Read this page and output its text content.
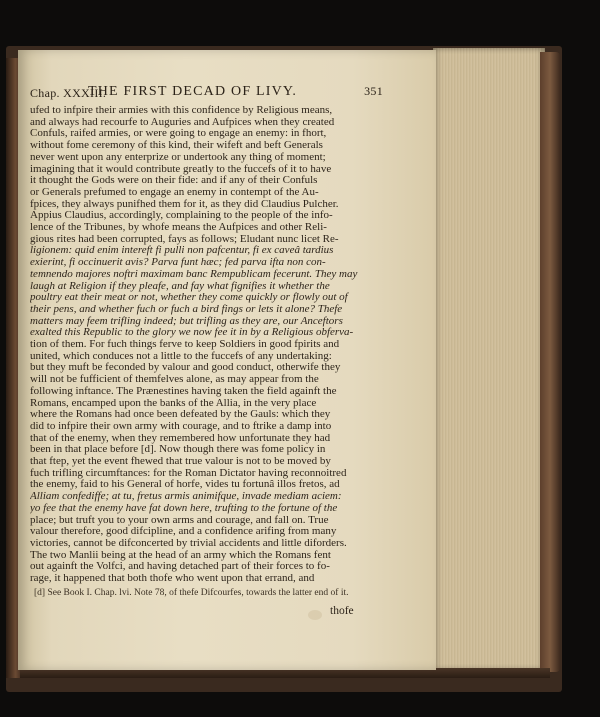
Chap. XXXIII.
THE FIRST DECAD OF LIVY.	351
ufed to infpire their armies with this confidence by Religious means,
and always had recourfe to Auguries and Aufpices when they created
Confuls, raifed armies, or were going to engage an enemy: in fhort,
without fome ceremony of this kind, their wifeft and beft Generals
never went upon any enterprize or undertook any thing of moment;
imagining that it would contribute greatly to the fuccefs of it to have
it thought the Gods were on their fide: and if any of their Confuls
or Generals prefumed to engage an enemy in contempt of the Au-
fpices, they always punifhed them for it, as they did Claudius Pulcher.
Appius Claudius, accordingly, complaining to the people of the info-
lence of the Tribunes, by whofe means the Aufpices and other Reli-
gious rites had been corrupted, fays as follows; Eludant nunc licet Re-
ligionem: quid enim intereft fi pulli non pafcentur, fi ex caveâ tardius
exierint, fi occinuerit avis? Parva funt hæc; fed parva ifta non con-
temnendo majores noftri maximam banc Rempublicam fecerunt. They may
laugh at Religion if they pleafe, and fay what fignifies it whether the
poultry eat their meat or not, whether they come quickly or flowly out of
their pens, and whether fuch or fuch a bird fings or lets it alone? Thefe
matters may feem trifling indeed; but trifling as they are, our Anceftors
exalted this Republic to the glory we now fee it in by a Religious obferva-
tion of them. For fuch things ferve to keep Soldiers in good fpirits and
united, which conduces not a little to the fuccefs of any undertaking:
but they muft be feconded by valour and good conduct, otherwife they
will not be fufficient of themfelves alone, as may appear from the
following inftance. The Prænestines having taken the field againft the
Romans, encamped upon the banks of the Allia, in the very place
where the Romans had once been defeated by the Gauls: which they
did to infpire their own army with courage, and to ftrike a damp into
that of the enemy, when they remembered how unfortunate they had
been in that place before [d]. Now though there was fome policy in
that ftep, yet the event fhewed that true valour is not to be moved by
fuch trifling circumftances: for the Roman Dictator having reconnoitred
the enemy, faid to his General of horfe, vides tu fortunâ illos fretos, ad
Alliam confediffe; at tu, fretus armis animifque, invade mediam aciem:
yo fee that the enemy have fat down here, trufting to the fortune of the
place; but truft you to your own arms and courage, and fall on. True
valour therefore, good difcipline, and a confidence arifing from many
victories, cannot be difconcerted by trivial accidents and little diforders.
The two Manlii being at the head of an army which the Romans fent
out againft the Volfci, and having detached part of their forces to fo-
rage, it happened that both thofe who went upon that errand, and
[d] See Book I. Chap. lvi. Note 78, of thefe Difcourfes, towards the latter end of it.
thofe
